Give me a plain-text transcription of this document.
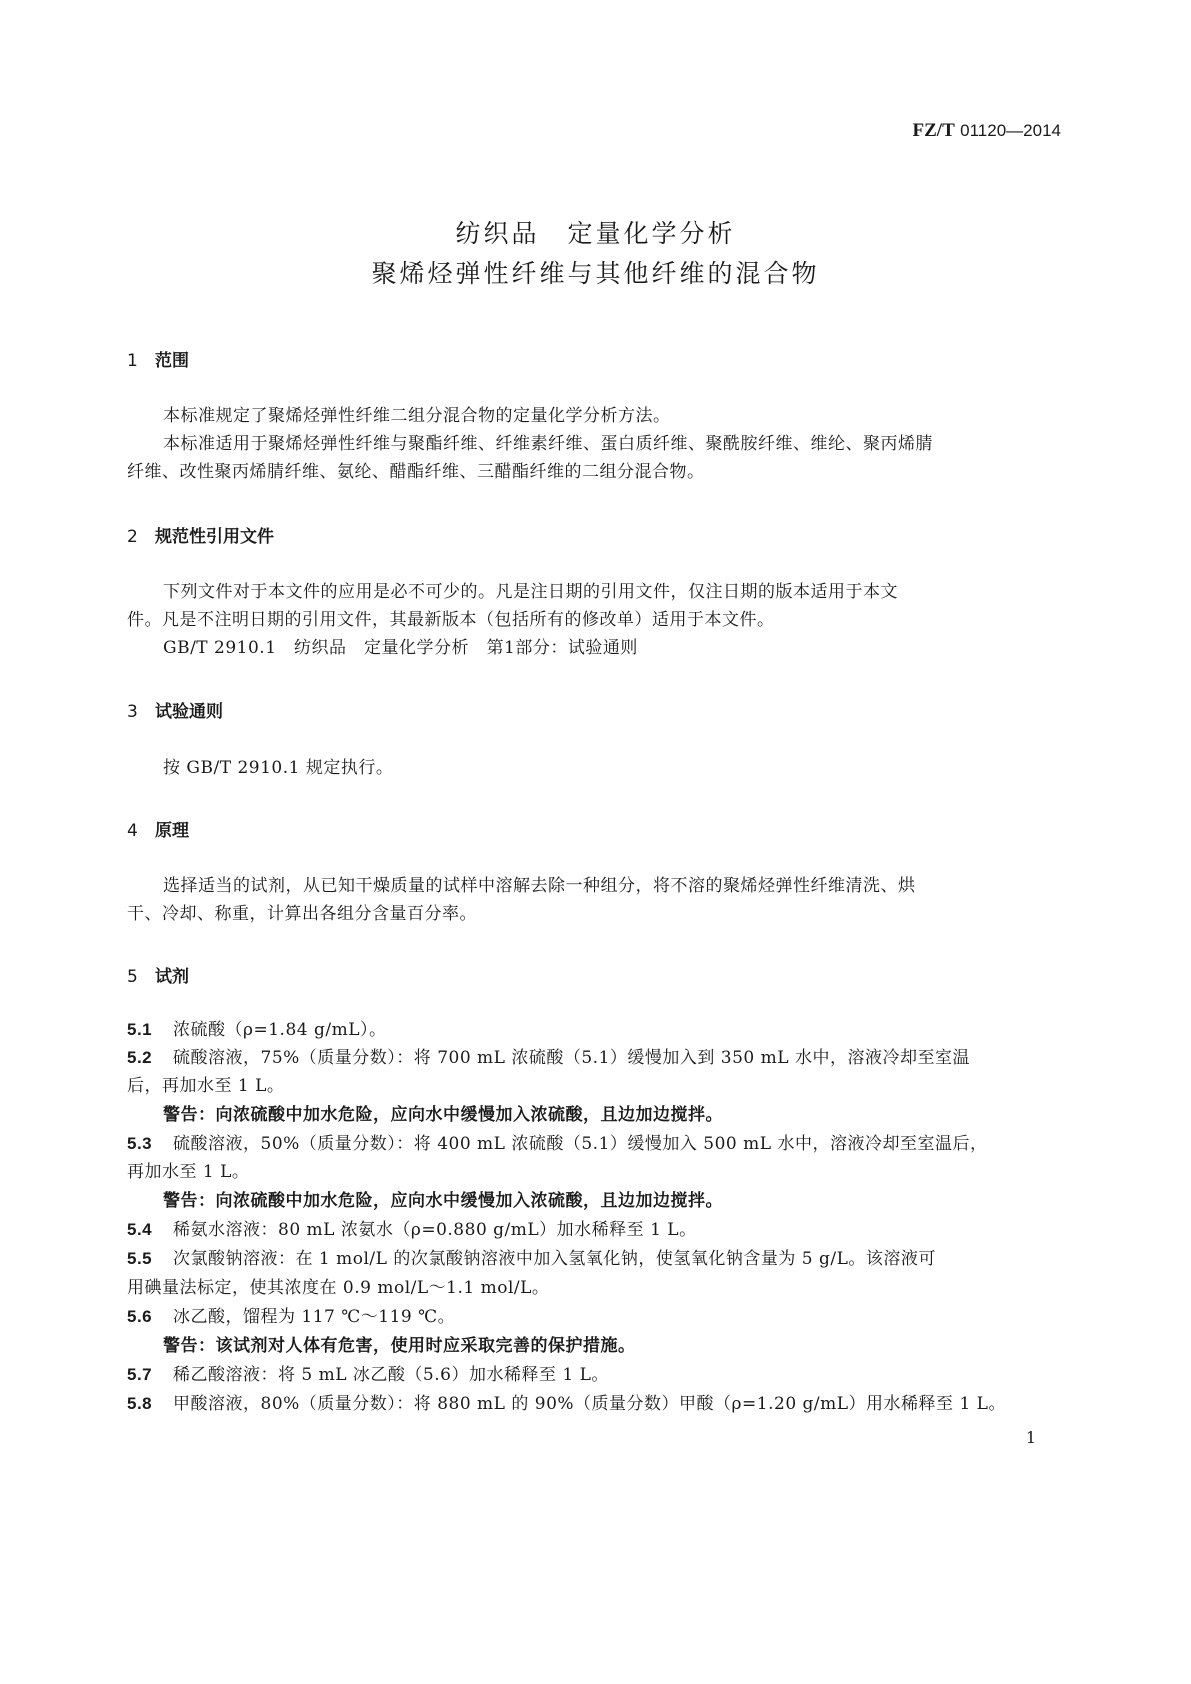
FZ/T 01120—2014
纺织品　定量化学分析
聚烯烃弹性纤维与其他纤维的混合物
1 范围
本标准规定了聚烯烃弹性纤维二组分混合物的定量化学分析方法。
本标准适用于聚烯烃弹性纤维与聚酯纤维、纤维素纤维、蛋白质纤维、聚酰胺纤维、维纶、聚丙烯腈
纤维、改性聚丙烯腈纤维、氨纶、醋酯纤维、三醋酯纤维的二组分混合物。
2 规范性引用文件
下列文件对于本文件的应用是必不可少的。凡是注日期的引用文件，仅注日期的版本适用于本文
件。凡是不注明日期的引用文件，其最新版本（包括所有的修改单）适用于本文件。
GB/T 2910.1　纺织品　定量化学分析　第1部分：试验通则
3 试验通则
按 GB/T 2910.1 规定执行。
4 原理
选择适当的试剂，从已知干燥质量的试样中溶解去除一种组分，将不溶的聚烯烃弹性纤维清洗、烘
干、冷却、称重，计算出各组分含量百分率。
5 试剂
5.1 浓硫酸（ρ=1.84 g/mL）。
5.2 硫酸溶液，75%（质量分数）：将 700 mL 浓硫酸（5.1）缓慢加入到 350 mL 水中，溶液冷却至室温
后，再加水至 1 L。
警告：向浓硫酸中加水危险，应向水中缓慢加入浓硫酸，且边加边搅拌。
5.3 硫酸溶液，50%（质量分数）：将 400 mL 浓硫酸（5.1）缓慢加入 500 mL 水中，溶液冷却至室温后，
再加水至 1 L。
警告：向浓硫酸中加水危险，应向水中缓慢加入浓硫酸，且边加边搅拌。
5.4 稀氨水溶液：80 mL 浓氨水（ρ=0.880 g/mL）加水稀释至 1 L。
5.5 次氯酸钠溶液：在 1 mol/L 的次氯酸钠溶液中加入氢氧化钠，使氢氧化钠含量为 5 g/L。该溶液可
用碘量法标定，使其浓度在 0.9 mol/L～1.1 mol/L。
5.6 冰乙酸，馏程为 117 ℃～119 ℃。
警告：该试剂对人体有危害，使用时应采取完善的保护措施。
5.7 稀乙酸溶液：将 5 mL 冰乙酸（5.6）加水稀释至 1 L。
5.8 甲酸溶液，80%（质量分数）：将 880 mL 的 90%（质量分数）甲酸（ρ=1.20 g/mL）用水稀释至 1 L。
1
